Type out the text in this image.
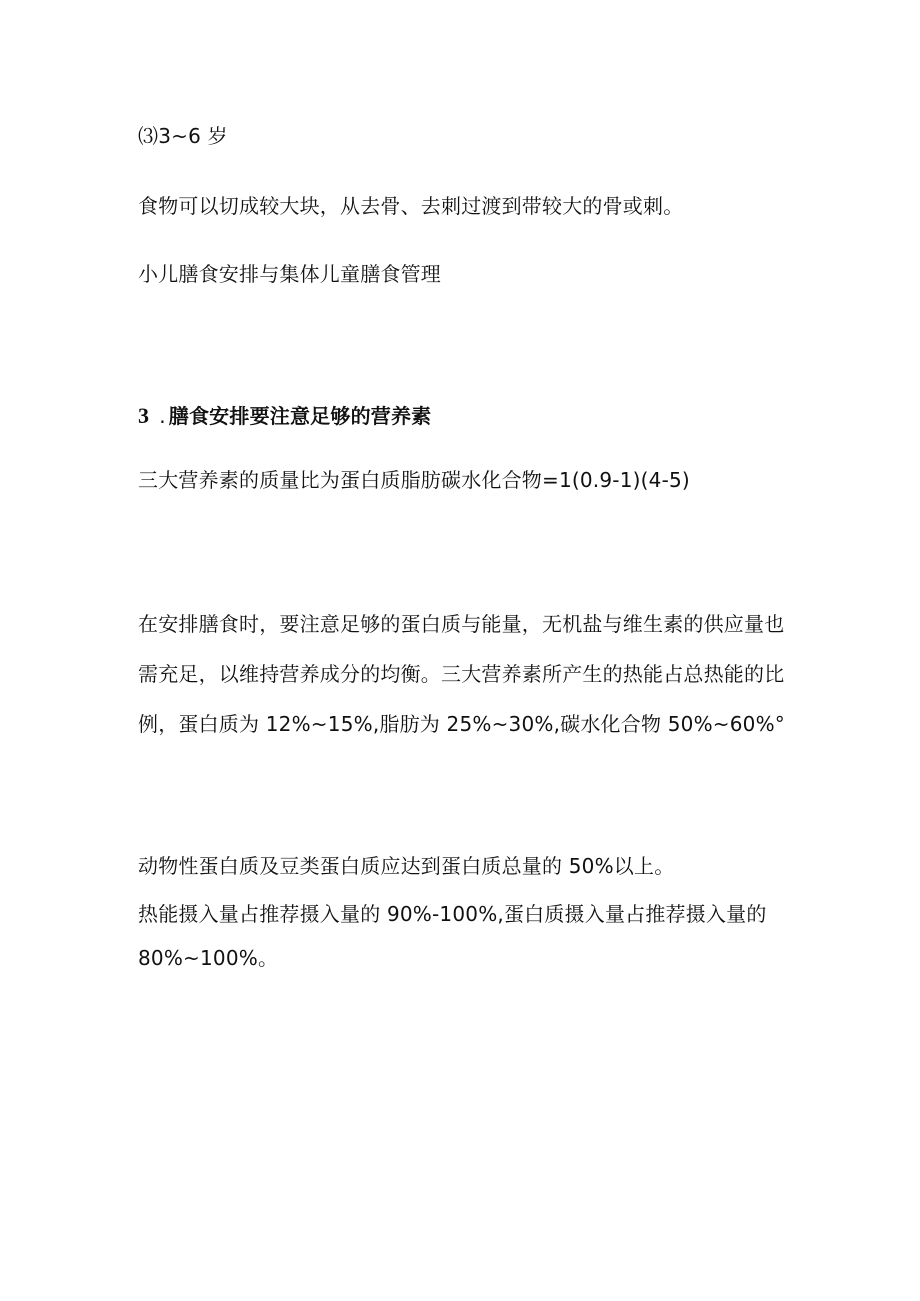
⑶3~6 岁
食物可以切成较大块，从去骨、去刺过渡到带较大的骨或刺。
小儿膳食安排与集体儿童膳食管理
3 . 膳食安排要注意足够的营养素
三大营养素的质量比为蛋白质脂肪碳水化合物=1(0.9-1)(4-5)
在安排膳食时，要注意足够的蛋白质与能量，无机盐与维生素的供应量也
需充足，以维持营养成分的均衡。三大营养素所产生的热能占总热能的比
例，蛋白质为 12%~15%,脂肪为 25%~30%,碳水化合物 50%~60%°
动物性蛋白质及豆类蛋白质应达到蛋白质总量的 50%以上。
热能摄入量占推荐摄入量的 90%-100%,蛋白质摄入量占推荐摄入量的
80%~100%。
